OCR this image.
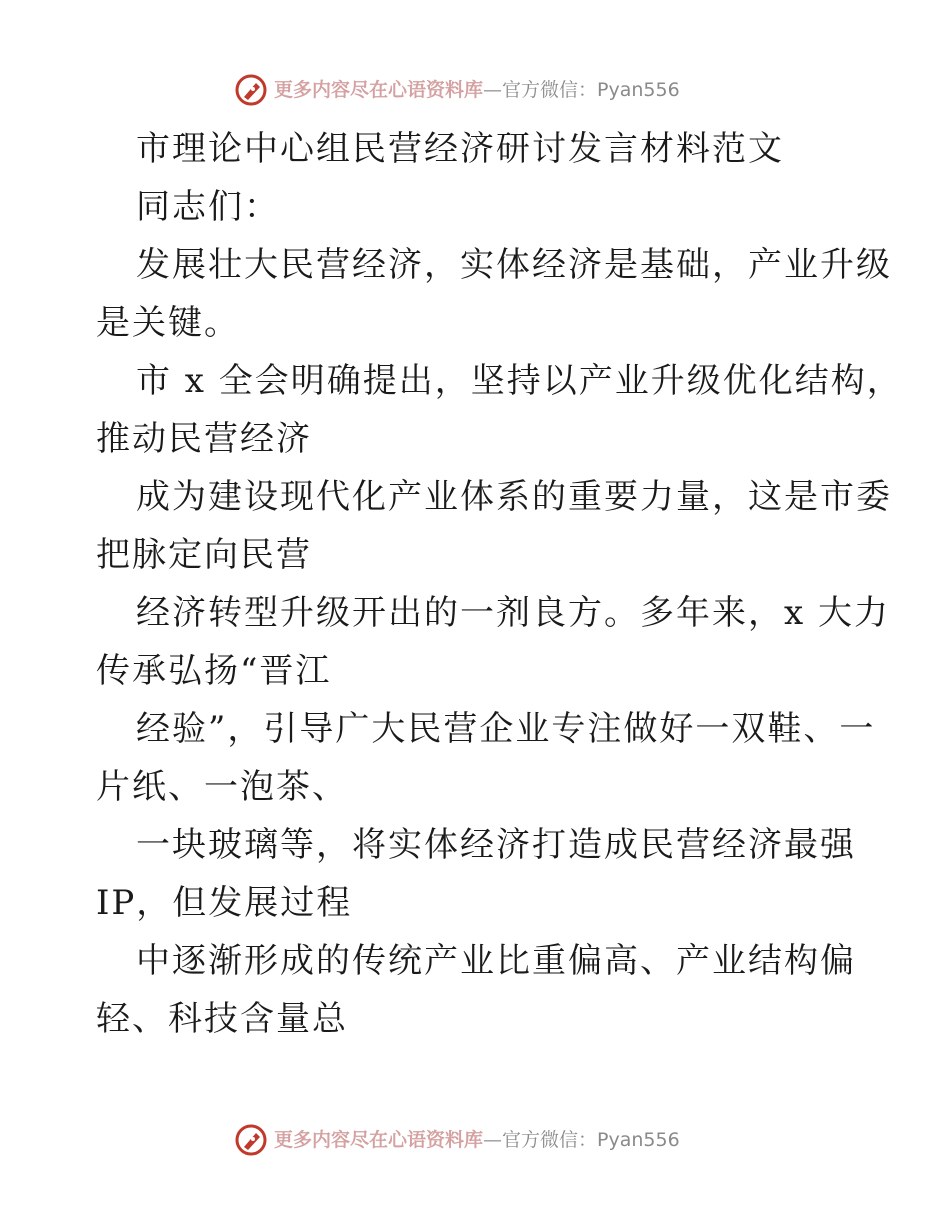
更多内容尽在心语资料库 — 官方微信：Pyan556

市理论中心组民营经济研讨发言材料范文

同志们：

发展壮大民营经济，实体经济是基础，产业升级
是关键。

市 x 全会明确提出，坚持以产业升级优化结构，
推动民营经济

成为建设现代化产业体系的重要力量，这是市委
把脉定向民营

经济转型升级开出的一剂良方。多年来，x 大力
传承弘扬“晋江

经验”，引导广大民营企业专注做好一双鞋、一
片纸、一泡茶、

一块玻璃等，将实体经济打造成民营经济最强
IP，但发展过程

中逐渐形成的传统产业比重偏高、产业结构偏
轻、科技含量总

更多内容尽在心语资料库 — 官方微信：Pyan556
